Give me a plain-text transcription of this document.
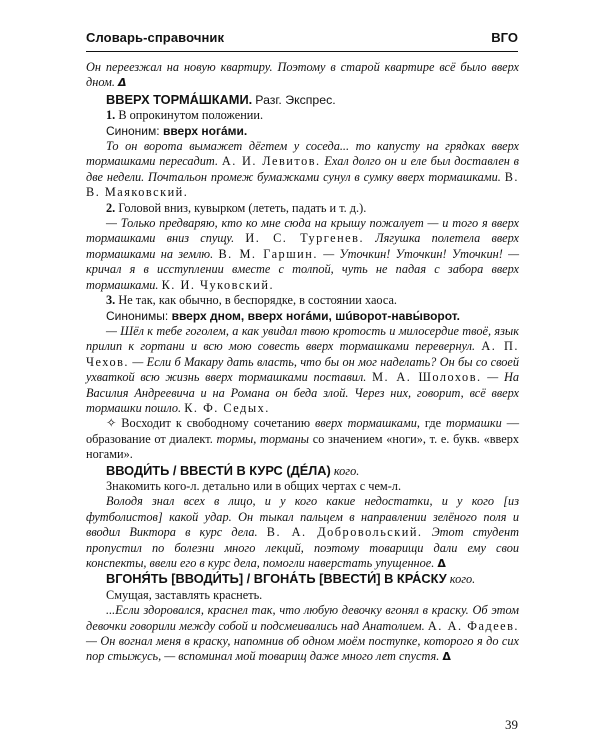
Словарь-справочник	ВГО

Он переезжал на новую квартиру. Поэтому в старой квартире всё было вверх дном. Δ

ВВЕРХ ТОРМА́ШКАМИ. Разг. Экспрес.

1. В опрокинутом положении.

Синоним: вверх ногáми.

То он ворота вымажет дёгтем у соседа... то капусту на грядках вверх тормашками пересадит. А. И. Левитов. Ехал долго он и еле был доставлен в две недели. Почтальон промеж бумажками сунул в сумку вверх тормашками. В. В. Маяковский.

2. Головой вниз, кувырком (лететь, падать и т. д.).

— Только предваряю, кто ко мне сюда на крышу пожалует — и того я вверх тормашками вниз спущу. И. С. Тургенев. Лягушка полетела вверх тормашками на землю. В. М. Гаршин. — Уточкин! Уточкин! Уточкин! — кричал я в исступлении вместе с толпой, чуть не падая с забора вверх тормашками. К. И. Чуковский.

3. Не так, как обычно, в беспорядке, в состоянии хаоса.

Синонимы: вверх дном, вверх ногáми, шúворот-навы́ворот.

— Шёл к тебе гоголем, а как увидал твою кротость и милосердие твоё, язык прилип к гортани и всю мою совесть вверх тормашками перевернул. А. П. Чехов. — Если б Макару дать власть, что бы он мог наделать? Он бы со своей ухваткой всю жизнь вверх тормашками поставил. М. А. Шолохов. — На Василия Андреевича и на Романа он беда злой. Через них, говорит, всё вверх тормашки пошло. К. Ф. Седых.

✧ Восходит к свободному сочетанию вверх тормашками, где тормашки — образование от диалект. тормы, торманы со значением «ноги», т. е. букв. «вверх ногами».

ВВОДИ́ТЬ / ВВЕСТИ́ В КУРС (ДÉЛА) кого.

Знакомить кого-л. детально или в общих чертах с чем-л.

Володя знал всех в лицо, и у кого какие недостатки, и у кого [из футболистов] какой удар. Он тыкал пальцем в направлении зелёного поля и вводил Виктора в курс дела. В. А. Добровольский. Этот студент пропустил по болезни много лекций, поэтому товарищи дали ему свои конспекты, ввели его в курс дела, помогли наверстать упущенное. Δ

ВГОНЯ́ТЬ [ВВОДИ́ТЬ] / ВГОНА́ТЬ [ВВЕСТИ́] В КРА́СКУ кого.

Смущая, заставлять краснеть.

...Если здоровался, краснел так, что любую девочку вгонял в краску. Об этом девочки говорили между собой и подсмеивались над Анатолием. А. А. Фадеев. — Он вогнал меня в краску, напомнив об одном моём поступке, которого я до сих пор стыжусь, — вспоминал мой товарищ даже много лет спустя. Δ

39
